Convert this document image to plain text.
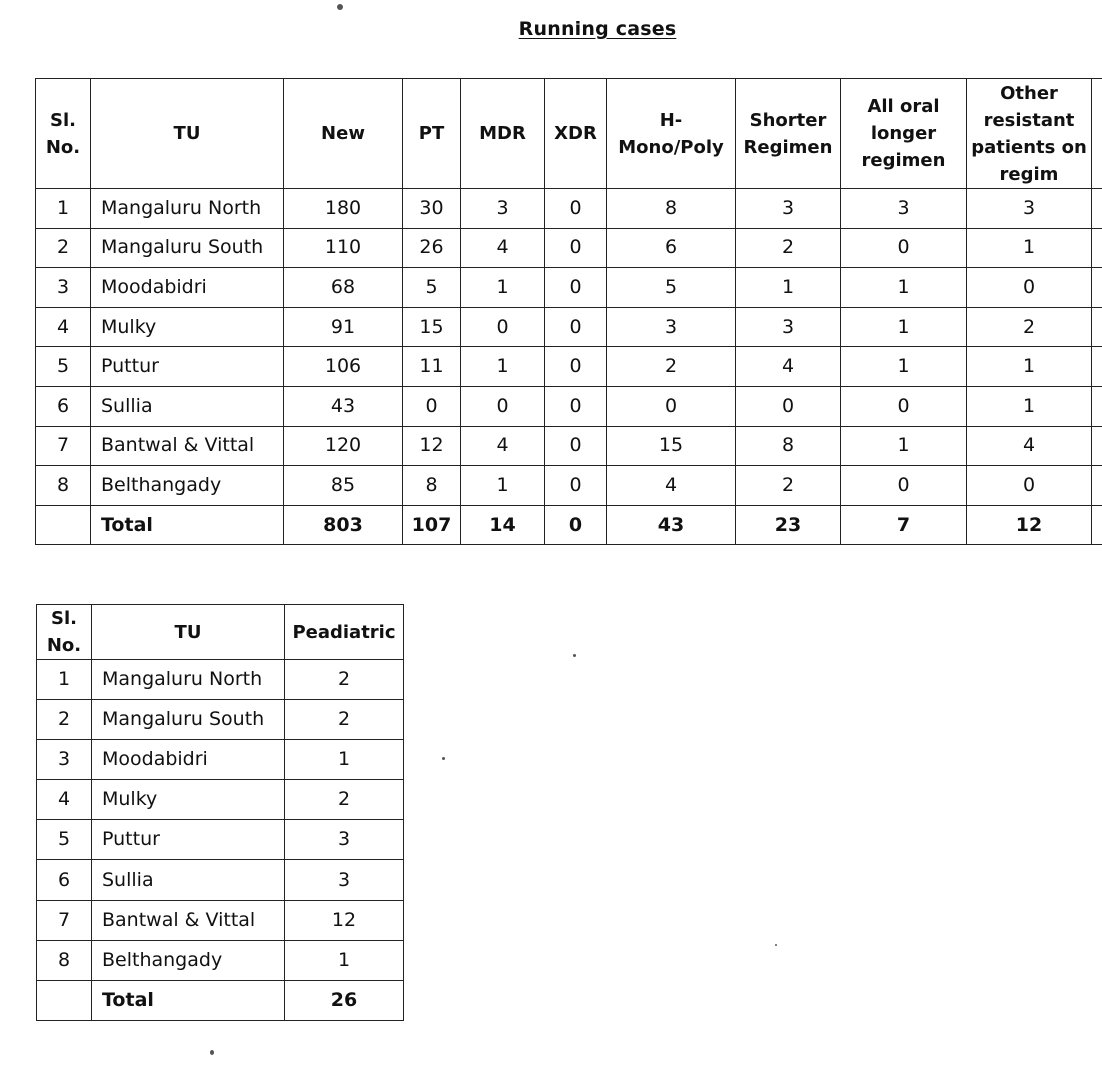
Running cases
Sl. No.	TU	New	PT	MDR	XDR	H-Mono/Poly	Shorter Regimen	All oral longer regimen	Other resistant patients on regim	
1	Mangaluru North	180	30	3	0	8	3	3	3	
2	Mangaluru South	110	26	4	0	6	2	0	1	
3	Moodabidri	68	5	1	0	5	1	1	0	
4	Mulky	91	15	0	0	3	3	1	2	
5	Puttur	106	11	1	0	2	4	1	1	
6	Sullia	43	0	0	0	0	0	0	1	
7	Bantwal & Vittal	120	12	4	0	15	8	1	4	
8	Belthangady	85	8	1	0	4	2	0	0	
	Total	803	107	14	0	43	23	7	12	
Sl. No.	TU	Peadiatric
1	Mangaluru North	2
2	Mangaluru South	2
3	Moodabidri	1
4	Mulky	2
5	Puttur	3
6	Sullia	3
7	Bantwal & Vittal	12
8	Belthangady	1
	Total	26
